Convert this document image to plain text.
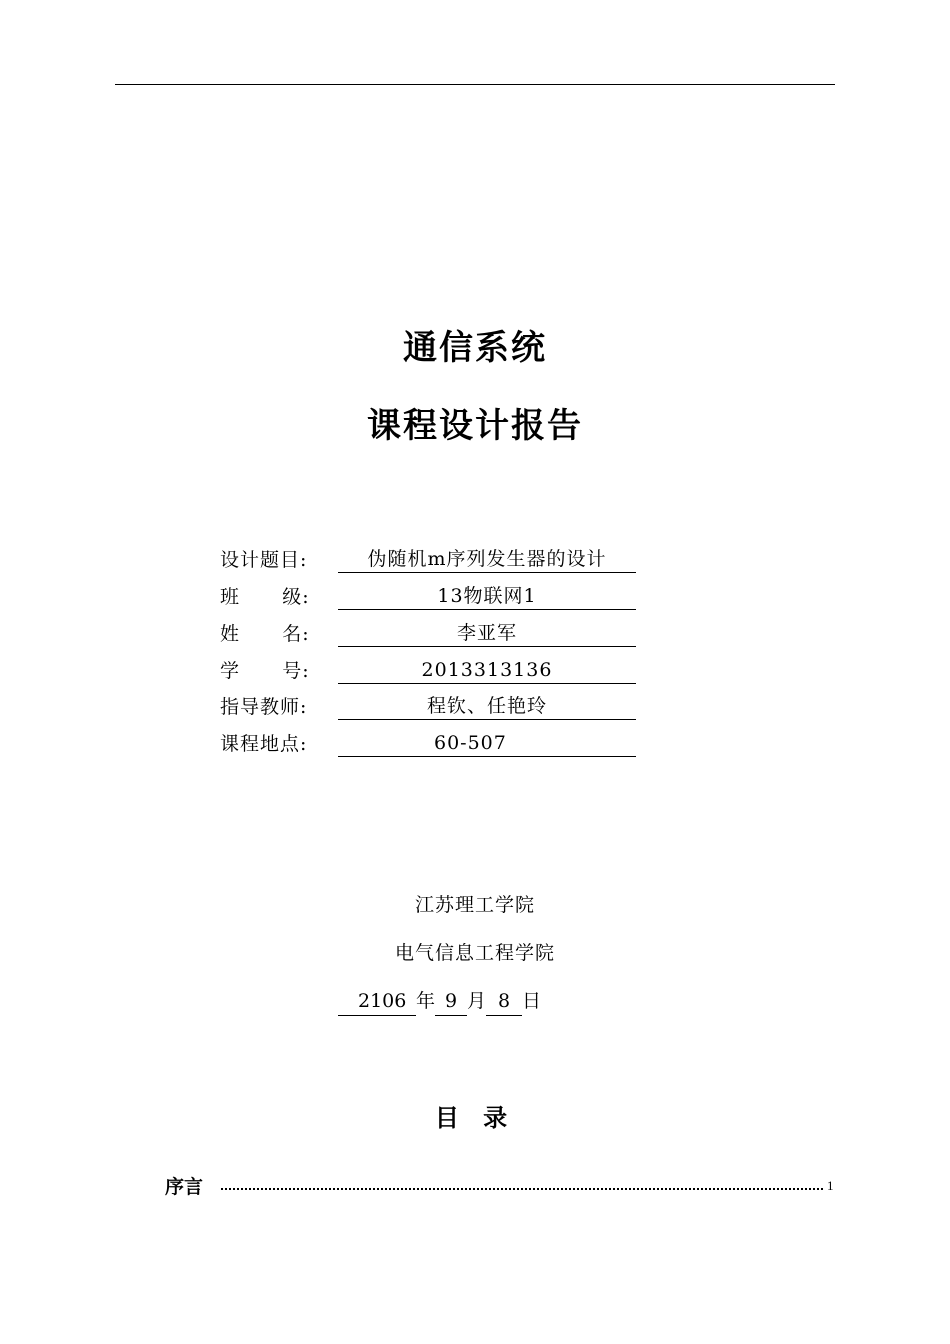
通信系统
课程设计报告
设计题目:	伪随机m序列发生器的设计
班      级:	13物联网1
姓      名:	李亚军
学      号:	2013313136
指导教师:	程钦、任艳玲
课程地点:	60-507
江苏理工学院
电气信息工程学院
2106 年 9 月 8 日
目 录
序言	1
